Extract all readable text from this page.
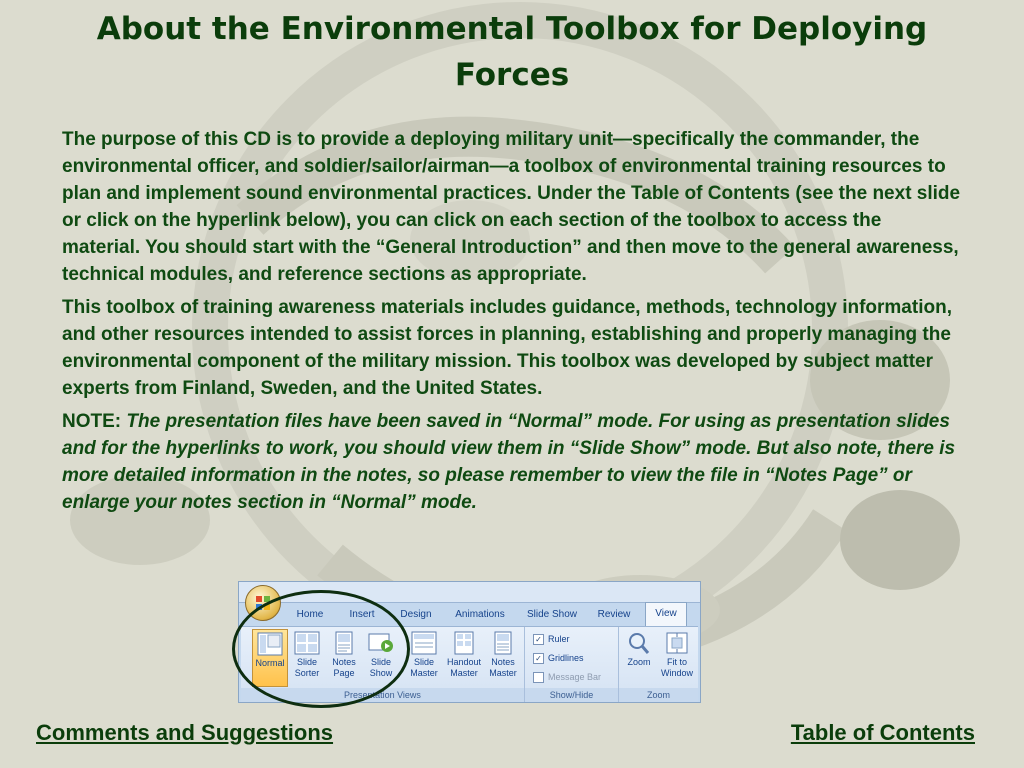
About the Environmental Toolbox for Deploying Forces

The purpose of this CD is to provide a deploying military unit—specifically the commander, the environmental officer, and soldier/sailor/airman—a toolbox of environmental training resources to plan and implement sound environmental practices. Under the Table of Contents (see the next slide or click on the hyperlink below), you can click on each section of the toolbox to access the material. You should start with the “General Introduction” and then move to the general awareness, technical modules, and reference sections as appropriate.

This toolbox of training awareness materials includes guidance, methods, technology information, and other resources intended to assist forces in planning, establishing and properly managing the environmental component of the military mission. This toolbox was developed by subject matter experts from Finland, Sweden, and the United States.

NOTE: The presentation files have been saved in “Normal” mode. For using as presentation slides and for the hyperlinks to work, you should view them in “Slide Show” mode. But also note, there is more detailed information in the notes, so please remember to view the file in “Notes Page” or enlarge your notes section in “Normal” mode.

Home	Insert	Design	Animations	Slide Show	Review	View
Normal	Slide
Sorter
Notes
Page
Slide
Show
Slide
Master
Handout
Master
Notes
Master
Presentation Views
✓ Ruler
✓ Gridlines
Message Bar
Show/Hide
Zoom	Fit to
Window
Zoom
Comments and Suggestions	Table of Contents
